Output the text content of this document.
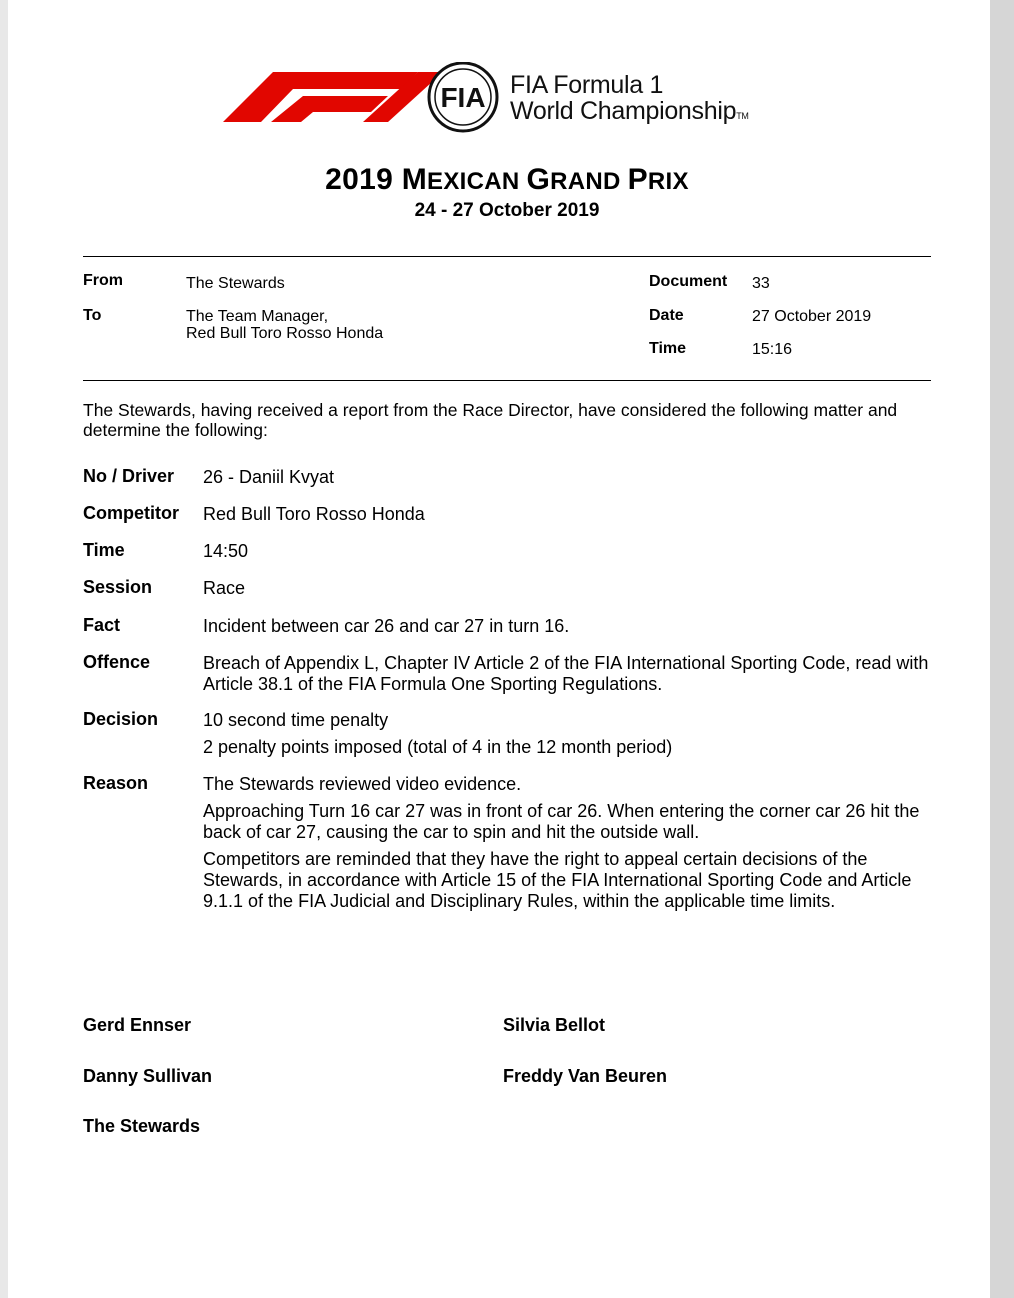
FIA FIA Formula 1
World ChampionshipTM
2019 MEXICAN GRAND PRIX
24 - 27 October 2019
From	The Stewards
To	The Team Manager,
Red Bull Toro Rosso Honda
Document 33
Date	27 October 2019
Time	15:16
The Stewards, having received a report from the Race Director, have considered the following matter and determine the following:
No / Driver 26 - Daniil Kvyat
Competitor Red Bull Toro Rosso Honda
Time	14:50
Session	Race
Fact	Incident between car 26 and car 27 in turn 16.
Offence	Breach of Appendix L, Chapter IV Article 2 of the FIA International Sporting Code, read with Article 38.1 of the FIA Formula One Sporting Regulations.
Decision 10 second time penalty
2 penalty points imposed (total of 4 in the 12 month period)
Reason	The Stewards reviewed video evidence.
Approaching Turn 16 car 27 was in front of car 26. When entering the corner car 26 hit the back of car 27, causing the car to spin and hit the outside wall.
Competitors are reminded that they have the right to appeal certain decisions of the Stewards, in accordance with Article 15 of the FIA International Sporting Code and Article 9.1.1 of the FIA Judicial and Disciplinary Rules, within the applicable time limits.
Gerd Ennser	Silvia Bellot
Danny Sullivan	Freddy Van Beuren
The Stewards
